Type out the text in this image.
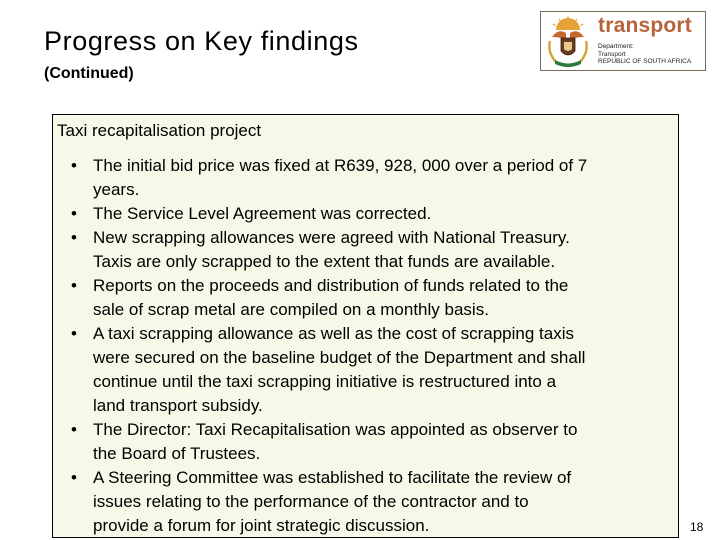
Progress on Key findings
(Continued)
transport
Department:
Transport
REPUBLIC OF SOUTH AFRICA
Taxi recapitalisation project
• The initial bid price was fixed at R639, 928, 000 over a period of 7
years.
• The Service Level Agreement was corrected.
• New scrapping allowances were agreed with National Treasury.
Taxis are only scrapped to the extent that funds are available.
• Reports on the proceeds and distribution of funds related to the
sale of scrap metal are compiled on a monthly basis.
• A taxi scrapping allowance as well as the cost of scrapping taxis
were secured on the baseline budget of the Department and shall
continue until the taxi scrapping initiative is restructured into a
land transport subsidy.
• The Director: Taxi Recapitalisation was appointed as observer to
the Board of Trustees.
• A Steering Committee was established to facilitate the review of
issues relating to the performance of the contractor and to
provide a forum for joint strategic discussion.	18
